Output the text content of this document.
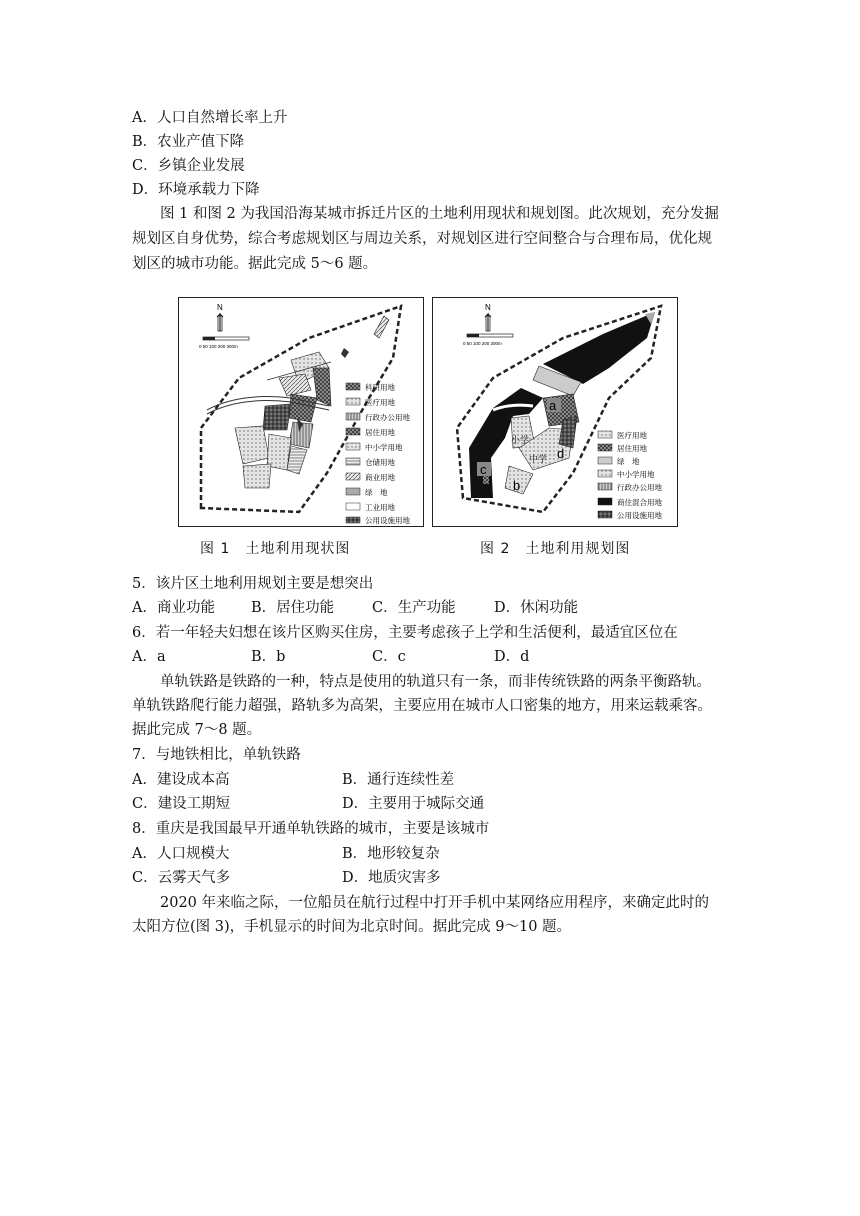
A．人口自然增长率上升
B．农业产值下降
C．乡镇企业发展
D．环境承载力下降
图 1 和图 2 为我国沿海某城市拆迁片区的土地利用现状和规划图。此次规划，充分发掘
规划区自身优势，综合考虑规划区与周边关系，对规划区进行空间整合与合理布局，优化规
划区的城市功能。据此完成 5～6 题。
N
0 50 100 200 300m
科研用地
医疗用地
行政办公用地
居住用地
中小学用地
仓储用地
商业用地
绿　地
工业用地
公用设施用地
N
0 50 100 200 300m
a
小学
中学 d
b
c
医疗用地
居住用地
绿　地
中小学用地
行政办公用地
商住混合用地
公用设施用地
图 1　土地利用现状图	图 2　土地利用规划图
5．该片区土地利用规划主要是想突出
A．商业功能 B．居住功能	C．生产功能	D．休闲功能
6．若一年轻夫妇想在该片区购买住房，主要考虑孩子上学和生活便利，最适宜区位在
A．a	B．b	C．c	D．d
单轨铁路是铁路的一种，特点是使用的轨道只有一条，而非传统铁路的两条平衡路轨。
单轨铁路爬行能力超强，路轨多为高架，主要应用在城市人口密集的地方，用来运载乘客。
据此完成 7～8 题。
7．与地铁相比，单轨铁路
A．建设成本高	B．通行连续性差
C．建设工期短	D．主要用于城际交通
8．重庆是我国最早开通单轨铁路的城市，主要是该城市
A．人口规模大	B．地形较复杂
C．云雾天气多	D．地质灾害多
2020 年来临之际，一位船员在航行过程中打开手机中某网络应用程序，来确定此时的
太阳方位(图 3)，手机显示的时间为北京时间。据此完成 9～10 题。
